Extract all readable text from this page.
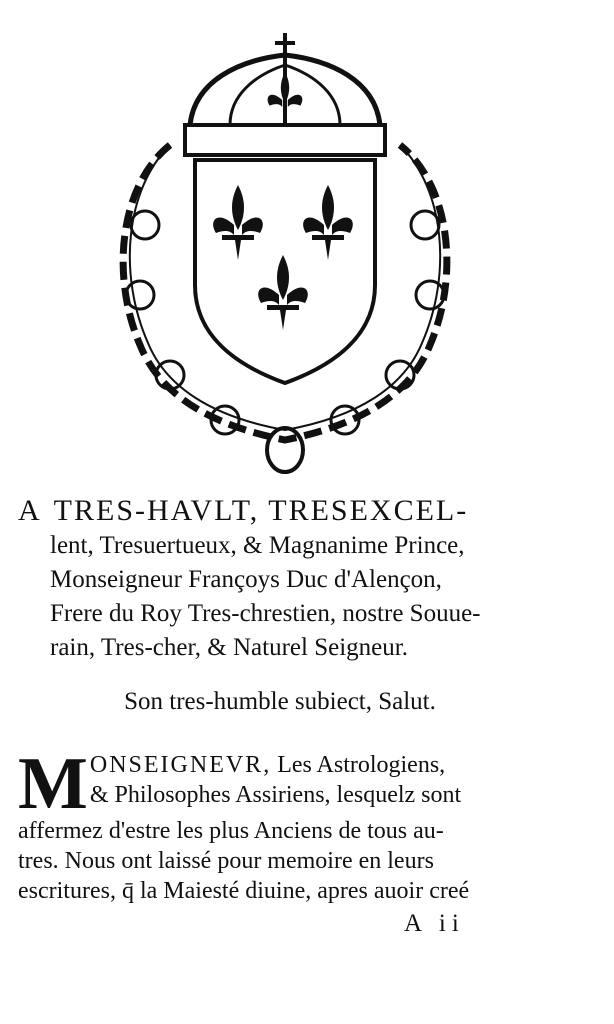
A TRES-HAVLT, TRESEXCEL-
lent, Tresuertueux, & Magnanime Prince,
Monseigneur Françoys Duc d'Alençon,
Frere du Roy Tres-chrestien, nostre Souue-
rain, Tres-cher, & Naturel Seigneur.
Son tres-humble subiect, Salut.
M ONSEIGNEVR, Les Astrologiens,
& Philosophes Assiriens, lesquelz sont
affermez d'estre les plus Anciens de tous au-
tres. Nous ont laissé pour memoire en leurs
escritures, q̄ la Maiesté diuine, apres auoir creé
A ii
